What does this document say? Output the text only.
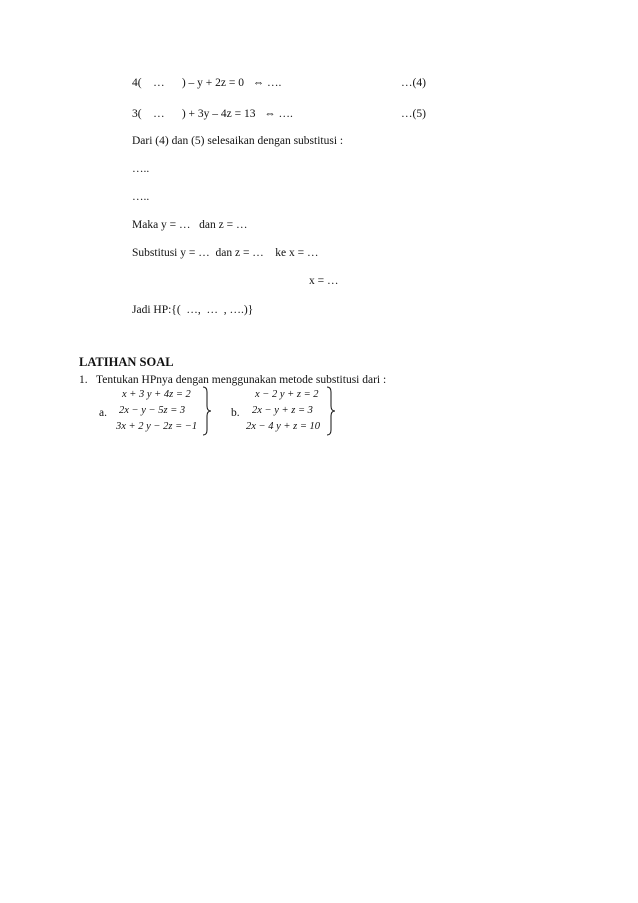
4(    …      ) – y + 2z = 0   ⇔ ….	…(4)
3(    …      ) + 3y – 4z = 13   ⇔ ….	…(5)
Dari (4) dan (5) selesaikan dengan substitusi :
…..
…..
Maka y = …   dan z = …
Substitusi y = …  dan z = …    ke x = …
x = …
Jadi HP:{(  …,  …  , ….)}
LATIHAN SOAL
1.   Tentukan HPnya dengan menggunakan metode substitusi dari :
a.
x + 3 y + 4z = 2
2x − y − 5z = 3
3x + 2 y − 2z = −1
b.
x − 2 y + z = 2
2x − y + z = 3
2x − 4 y + z = 10
